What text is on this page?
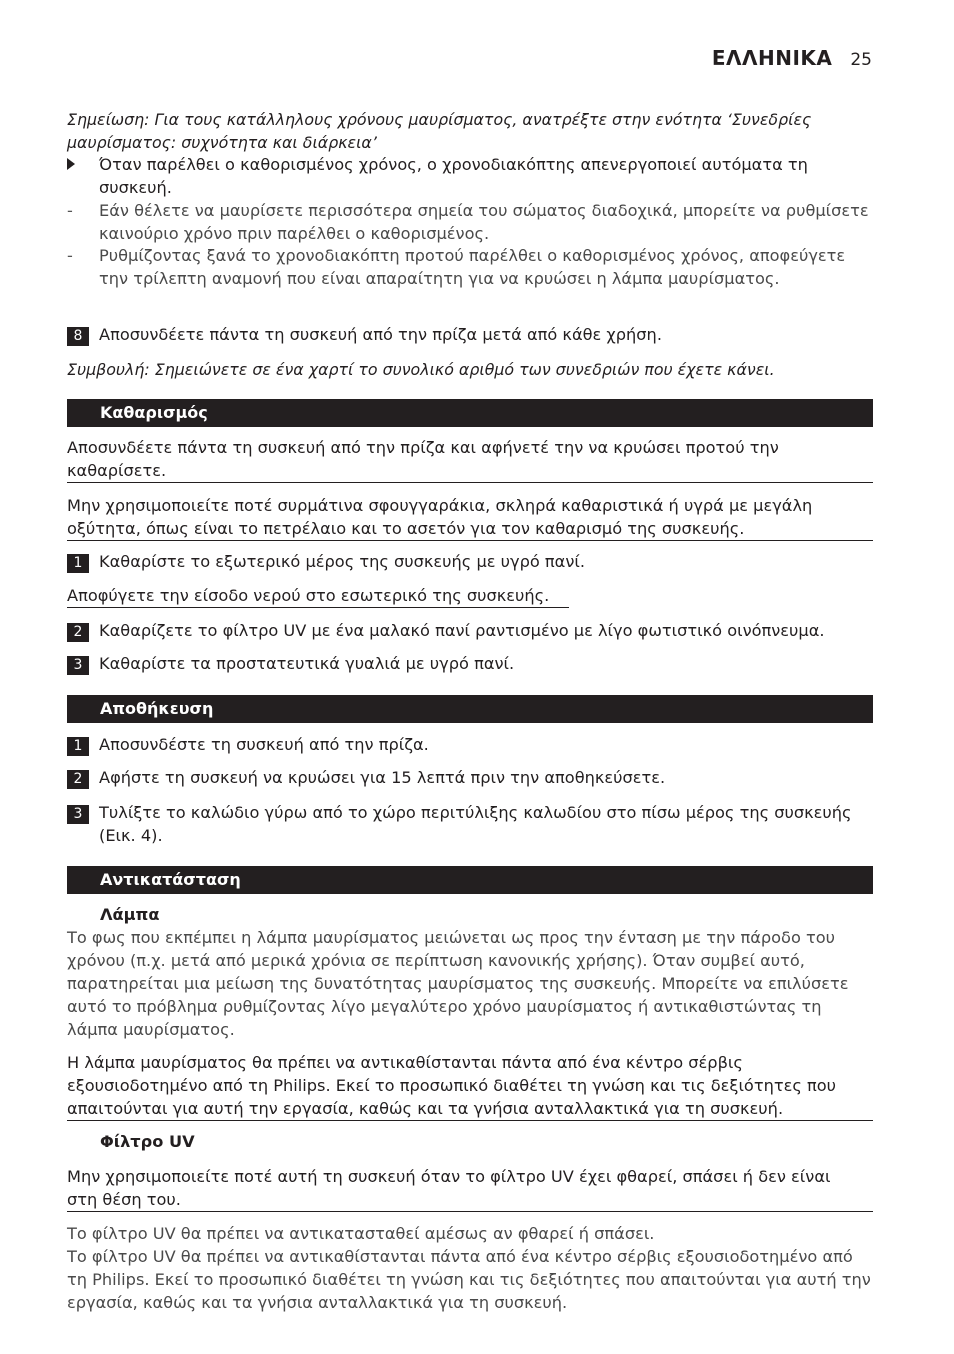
ΕΛΛΗΝΙΚΑ 25
Σημείωση: Για τους κατάλληλους χρόνους μαυρίσματος, ανατρέξτε στην ενότητα ‘Συνεδρίες μαυρίσματος: συχνότητα και διάρκεια’
Όταν παρέλθει ο καθορισμένος χρόνος, ο χρονοδιακόπτης απενεργοποιεί αυτόματα τη συσκευή.
-	Εάν θέλετε να μαυρίσετε περισσότερα σημεία του σώματος διαδοχικά, μπορείτε να ρυθμίσετε καινούριο χρόνο πριν παρέλθει ο καθορισμένος.
-	Ρυθμίζοντας ξανά το χρονοδιακόπτη προτού παρέλθει ο καθορισμένος χρόνος, αποφεύγετε την τρίλεπτη αναμονή που είναι απαραίτητη για να κρυώσει η λάμπα μαυρίσματος.
8	Αποσυνδέετε πάντα τη συσκευή από την πρίζα μετά από κάθε χρήση.
Συμβουλή: Σημειώνετε σε ένα χαρτί το συνολικό αριθμό των συνεδριών που έχετε κάνει.
Καθαρισμός
Αποσυνδέετε πάντα τη συσκευή από την πρίζα και αφήνετέ την να κρυώσει προτού την καθαρίσετε.
Μην χρησιμοποιείτε ποτέ συρμάτινα σφουγγαράκια, σκληρά καθαριστικά ή υγρά με μεγάλη οξύτητα, όπως είναι το πετρέλαιο και το ασετόν για τον καθαρισμό της συσκευής.
1	Καθαρίστε το εξωτερικό μέρος της συσκευής με υγρό πανί.
Αποφύγετε την είσοδο νερού στο εσωτερικό της συσκευής.
2	Καθαρίζετε το φίλτρο UV με ένα μαλακό πανί ραντισμένο με λίγο φωτιστικό οινόπνευμα.
3	Καθαρίστε τα προστατευτικά γυαλιά με υγρό πανί.
Αποθήκευση
1	Αποσυνδέστε τη συσκευή από την πρίζα.
2	Αφήστε τη συσκευή να κρυώσει για 15 λεπτά πριν την αποθηκεύσετε.
3	Τυλίξτε το καλώδιο γύρω από το χώρο περιτύλιξης καλωδίου στο πίσω μέρος της συσκευής (Εικ. 4).
Αντικατάσταση
Λάμπα
Το φως που εκπέμπει η λάμπα μαυρίσματος μειώνεται ως προς την ένταση με την πάροδο του χρόνου (π.χ. μετά από μερικά χρόνια σε περίπτωση κανονικής χρήσης). Όταν συμβεί αυτό, παρατηρείται μια μείωση της δυνατότητας μαυρίσματος της συσκευής. Μπορείτε να επιλύσετε αυτό το πρόβλημα ρυθμίζοντας λίγο μεγαλύτερο χρόνο μαυρίσματος ή αντικαθιστώντας τη λάμπα μαυρίσματος.
Η λάμπα μαυρίσματος θα πρέπει να αντικαθίστανται πάντα από ένα κέντρο σέρβις εξουσιοδοτημένο από τη Philips. Εκεί το προσωπικό διαθέτει τη γνώση και τις δεξιότητες που απαιτούνται για αυτή την εργασία, καθώς και τα γνήσια ανταλλακτικά για τη συσκευή.
Φίλτρο UV
Μην χρησιμοποιείτε ποτέ αυτή τη συσκευή όταν το φίλτρο UV έχει φθαρεί, σπάσει ή δεν είναι στη θέση του.
Το φίλτρο UV θα πρέπει να αντικατασταθεί αμέσως αν φθαρεί ή σπάσει.
Το φίλτρο UV θα πρέπει να αντικαθίστανται πάντα από ένα κέντρο σέρβις εξουσιοδοτημένο από τη Philips. Εκεί το προσωπικό διαθέτει τη γνώση και τις δεξιότητες που απαιτούνται για αυτή την εργασία, καθώς και τα γνήσια ανταλλακτικά για τη συσκευή.
